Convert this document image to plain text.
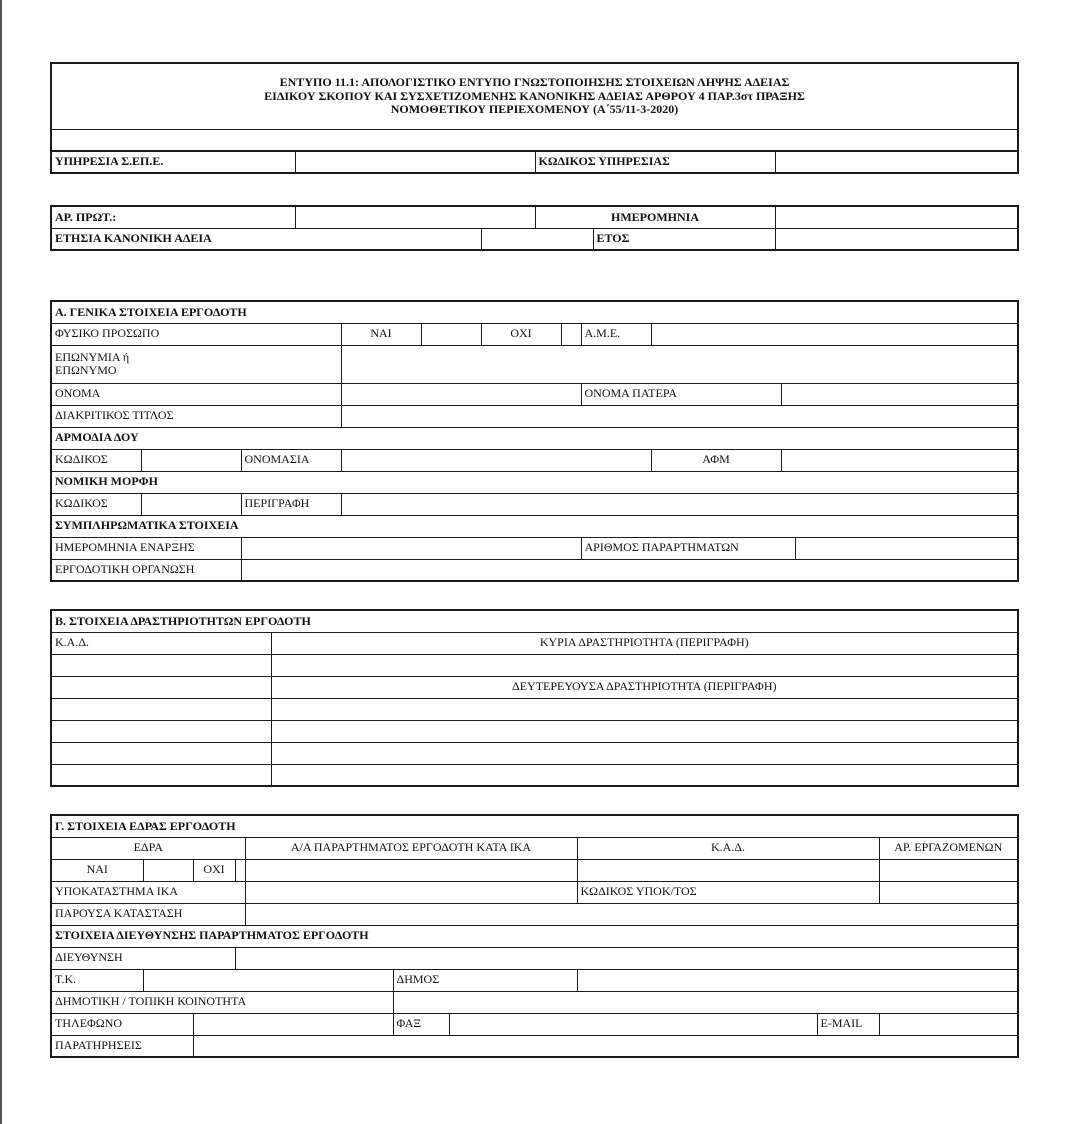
ΕΝΤΥΠΟ 11.1: ΑΠΟΛΟΓΙΣΤΙΚΟ ΕΝΤΥΠΟ ΓΝΩΣΤΟΠΟΙΗΣΗΣ ΣΤΟΙΧΕΙΩΝ ΛΗΨΗΣ ΑΔΕΙΑΣ
ΕΙΔΙΚΟΥ ΣΚΟΠΟΥ ΚΑΙ ΣΥΣΧΕΤΙΖΟΜΕΝΗΣ ΚΑΝΟΝΙΚΗΣ ΑΔΕΙΑΣ ΑΡΘΡΟΥ 4 ΠΑΡ.3στ ΠΡΑΞΗΣ
ΝΟΜΟΘΕΤΙΚΟΥ ΠΕΡΙΕΧΟΜΕΝΟΥ (Α΄55/11-3-2020)

ΥΠΗΡΕΣΙΑ Σ.ΕΠ.Ε.		ΚΩΔΙΚΟΣ ΥΠΗΡΕΣΙΑΣ	
ΑΡ. ΠΡΩΤ.:			ΗΜΕΡΟΜΗΝΙΑ		
ΕΤΗΣΙΑ ΚΑΝΟΝΙΚΗ ΑΔΕΙΑ				ΕΤΟΣ	
Α. ΓΕΝΙΚΑ ΣΤΟΙΧΕΙΑ ΕΡΓΟΔΟΤΗ										
ΦΥΣΙΚΟ ΠΡΟΣΩΠΟ			ΝΑΙ		ΟΧΙ		Α.Μ.Ε.			

ΕΠΩΝΥΜΙΑ ή
ΕΠΩΝΥΜΟ										

ΟΝΟΜΑ							ΟΝΟΜΑ ΠΑΤΕΡΑ			
ΔΙΑΚΡΙΤΙΚΟΣ ΤΙΤΛΟΣ										
ΑΡΜΟΔΙΑ ΔΟΥ										
ΚΩΔΙΚΟΣ		ΟΝΟΜΑΣΙΑ						ΑΦΜ		
ΝΟΜΙΚΗ ΜΟΡΦΗ										
ΚΩΔΙΚΟΣ		ΠΕΡΙΓΡΑΦΗ								
ΣΥΜΠΛΗΡΩΜΑΤΙΚΑ ΣΤΟΙΧΕΙΑ										
ΗΜΕΡΟΜΗΝΙΑ ΕΝΑΡΞΗΣ							ΑΡΙΘΜΟΣ ΠΑΡΑΡΤΗΜΑΤΩΝ			
ΕΡΓΟΔΟΤΙΚΗ ΟΡΓΑΝΩΣΗ										
Β. ΣΤΟΙΧΕΙΑ ΔΡΑΣΤΗΡΙΟΤΗΤΩΝ ΕΡΓΟΔΟΤΗ	
Κ.Α.Δ.	ΚΥΡΙΑ ΔΡΑΣΤΗΡΙΟΤΗΤΑ (ΠΕΡΙΓΡΑΦΗ)

	ΔΕΥΤΕΡΕΥΟΥΣΑ ΔΡΑΣΤΗΡΙΟΤΗΤΑ (ΠΕΡΙΓΡΑΦΗ)

Γ. ΣΤΟΙΧΕΙΑ ΕΔΡΑΣ ΕΡΓΟΔΟΤΗ									
ΕΔΡΑ				Α/Α ΠΑΡΑΡΤΗΜΑΤΟΣ ΕΡΓΟΔΟΤΗ ΚΑΤΑ ΙΚΑ			Κ.Α.Δ.		ΑΡ. ΕΡΓΑΖΟΜΕΝΩΝ
ΝΑΙ		ΟΧΙ							
ΥΠΟΚΑΤΑΣΤΗΜΑ ΙΚΑ							ΚΩΔΙΚΟΣ ΥΠΟΚ/ΤΟΣ		
ΠΑΡΟΥΣΑ ΚΑΤΑΣΤΑΣΗ									
ΣΤΟΙΧΕΙΑ ΔΙΕΥΘΥΝΣΗΣ ΠΑΡΑΡΤΗΜΑΤΟΣ ΕΡΓΟΔΟΤΗ									
ΔΙΕΥΘΥΝΣΗ									
Τ.Κ.					ΔΗΜΟΣ				
ΔΗΜΟΤΙΚΗ / ΤΟΠΙΚΗ ΚΟΙΝΟΤΗΤΑ									
ΤΗΛΕΦΩΝΟ					ΦΑΞ			E-MAIL	
ΠΑΡΑΤΗΡΗΣΕΙΣ									
